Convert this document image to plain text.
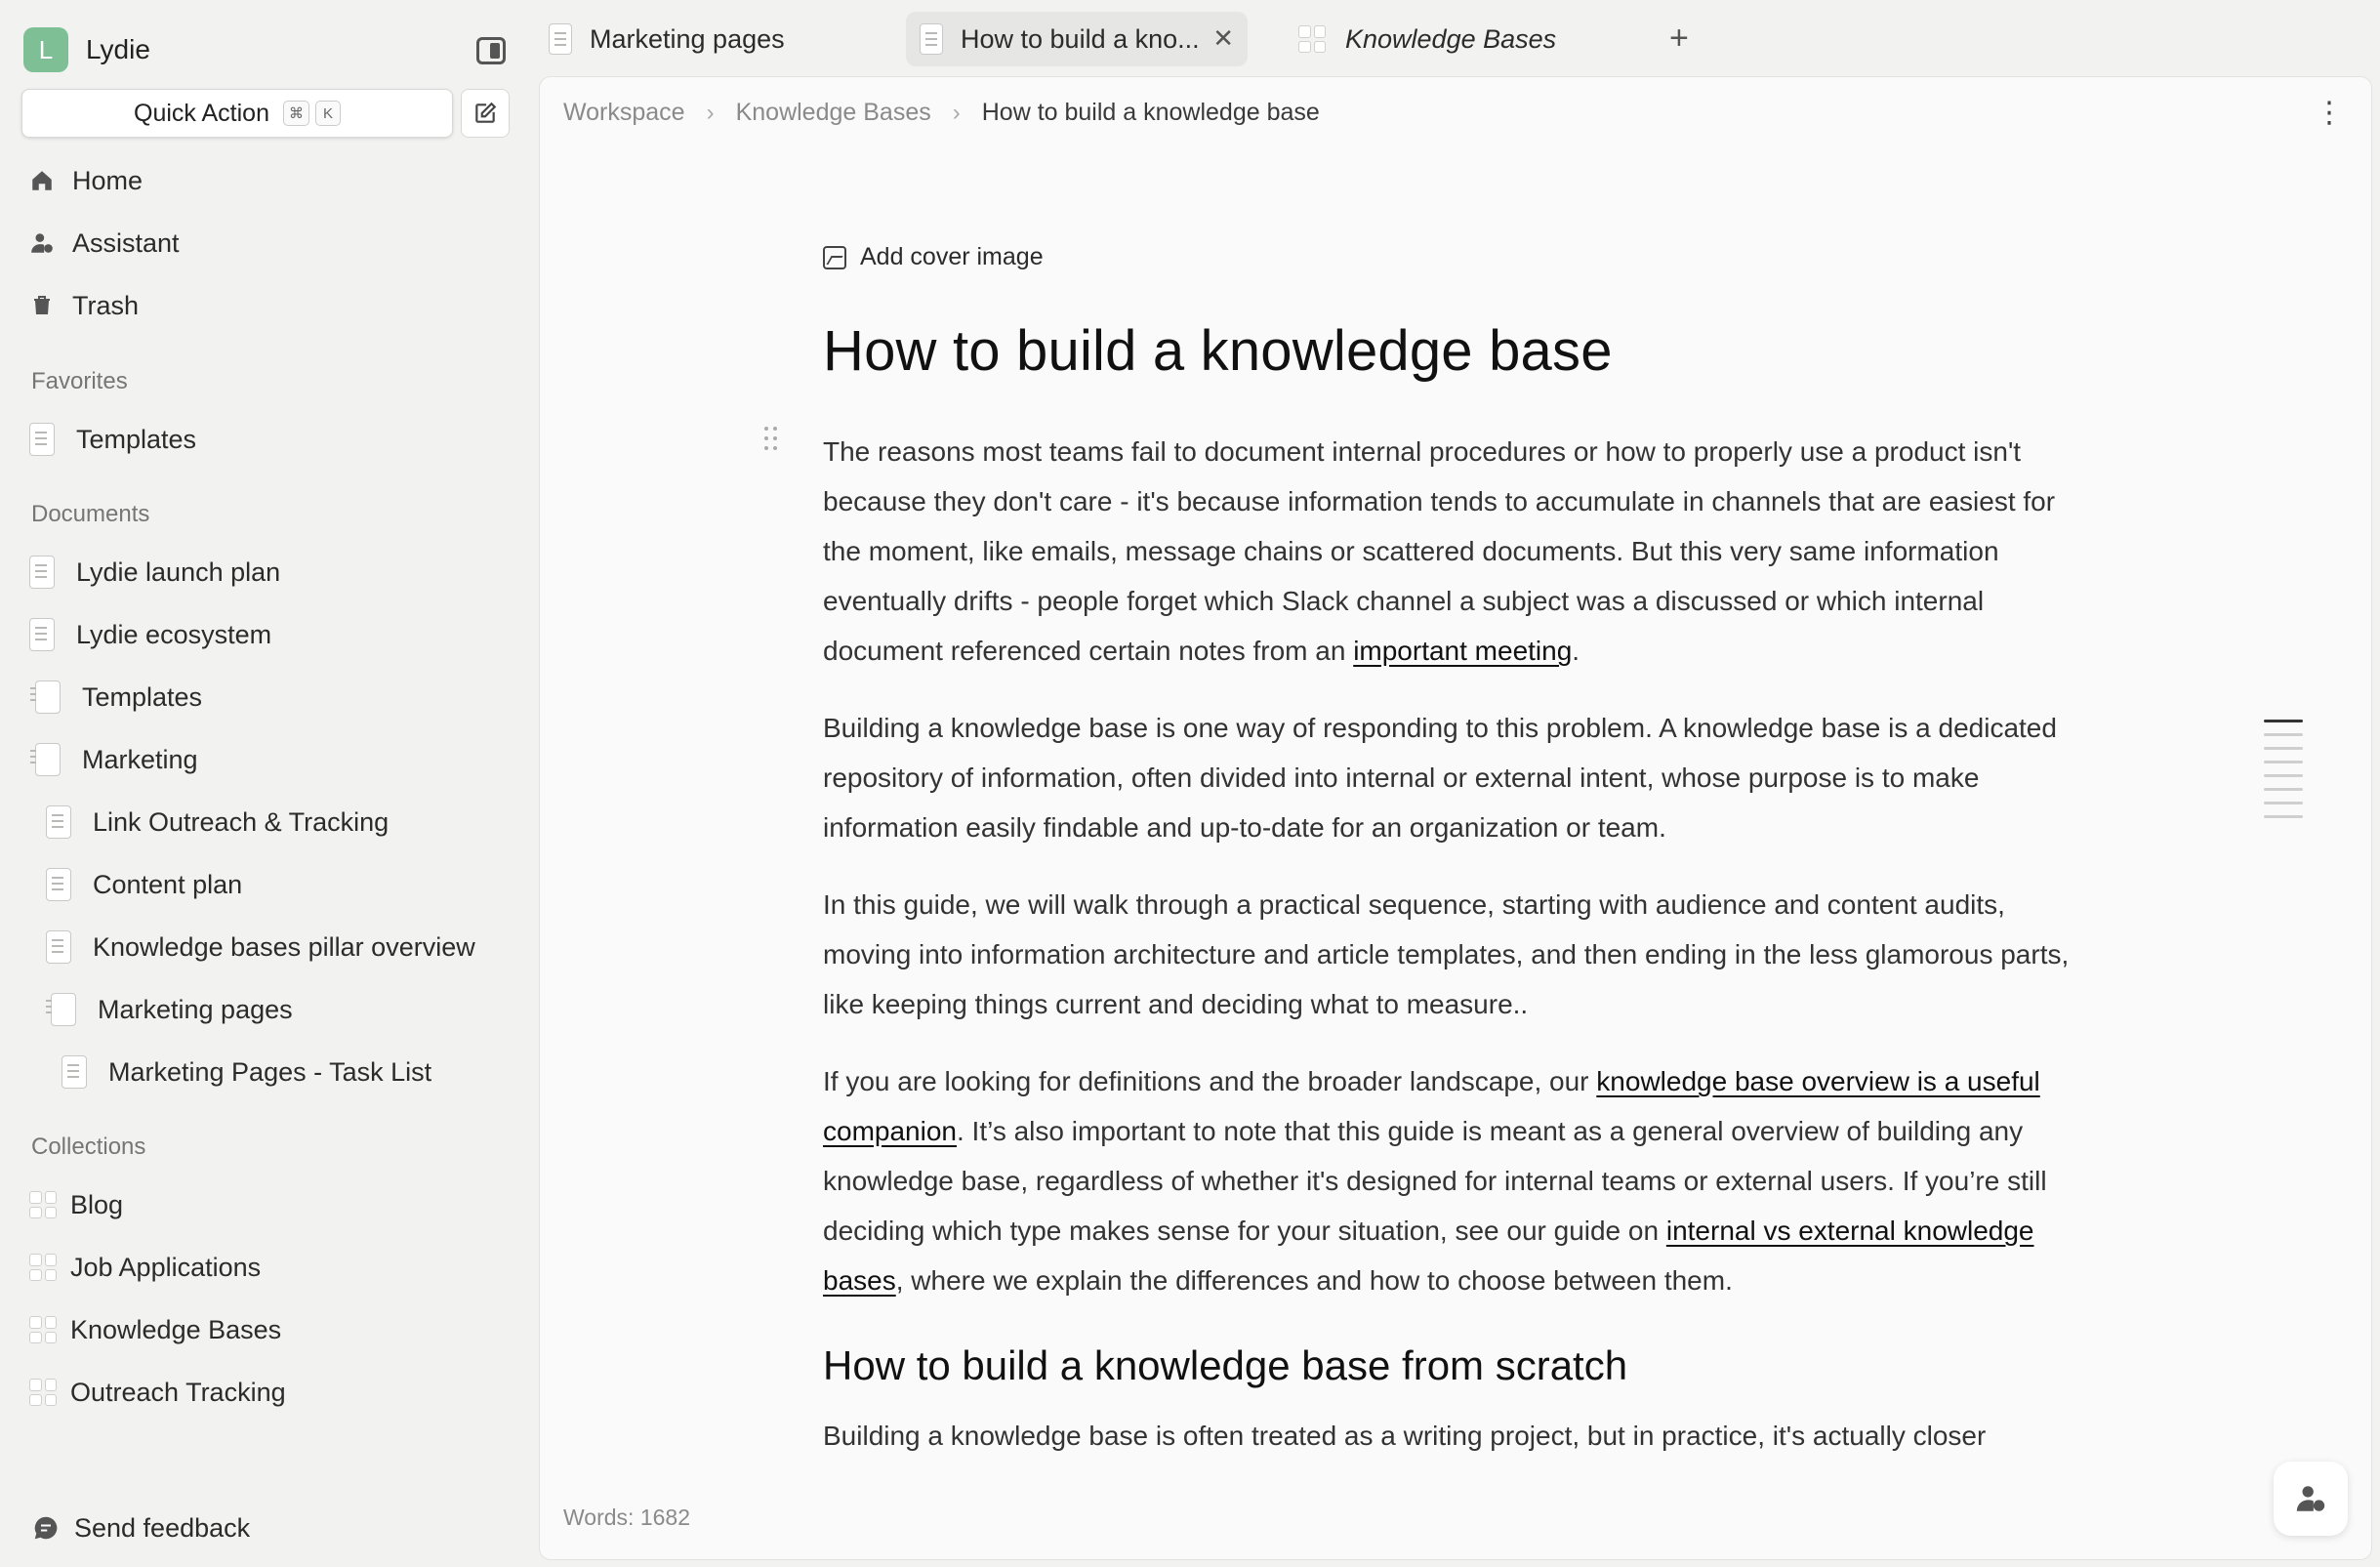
L	Lydie
Quick Action	⌘	K
Home
Assistant
Trash
Favorites
Templates
Documents
Lydie launch plan
Lydie ecosystem
Templates
Marketing
Link Outreach & Tracking
Content plan
Knowledge bases pillar overview
Marketing pages
Marketing Pages - Task List
Collections
Blog
Job Applications
Knowledge Bases
Outreach Tracking
Send feedback
Marketing pages	How to build a kno... ✕	Knowledge Bases	+
Workspace › Knowledge Bases › How to build a knowledge base	⋮
Add cover image
How to build a knowledge base
The reasons most teams fail to document internal procedures or how to properly use a product isn't because they don't care - it's because information tends to accumulate in channels that are easiest for the moment, like emails, message chains or scattered documents. But this very same information eventually drifts - people forget which Slack channel a subject was a discussed or which internal document referenced certain notes from an important meeting.

Building a knowledge base is one way of responding to this problem. A knowledge base is a dedicated repository of information, often divided into internal or external intent, whose purpose is to make information easily findable and up-to-date for an organization or team.

In this guide, we will walk through a practical sequence, starting with audience and content audits, moving into information architecture and article templates, and then ending in the less glamorous parts, like keeping things current and deciding what to measure..

If you are looking for definitions and the broader landscape, our knowledge base overview is a useful companion. It’s also important to note that this guide is meant as a general overview of building any knowledge base, regardless of whether it's designed for internal teams or external users. If you’re still deciding which type makes sense for your situation, see our guide on internal vs external knowledge bases, where we explain the differences and how to choose between them.

How to build a knowledge base from scratch

Building a knowledge base is often treated as a writing project, but in practice, it's actually closer

Words: 1682
